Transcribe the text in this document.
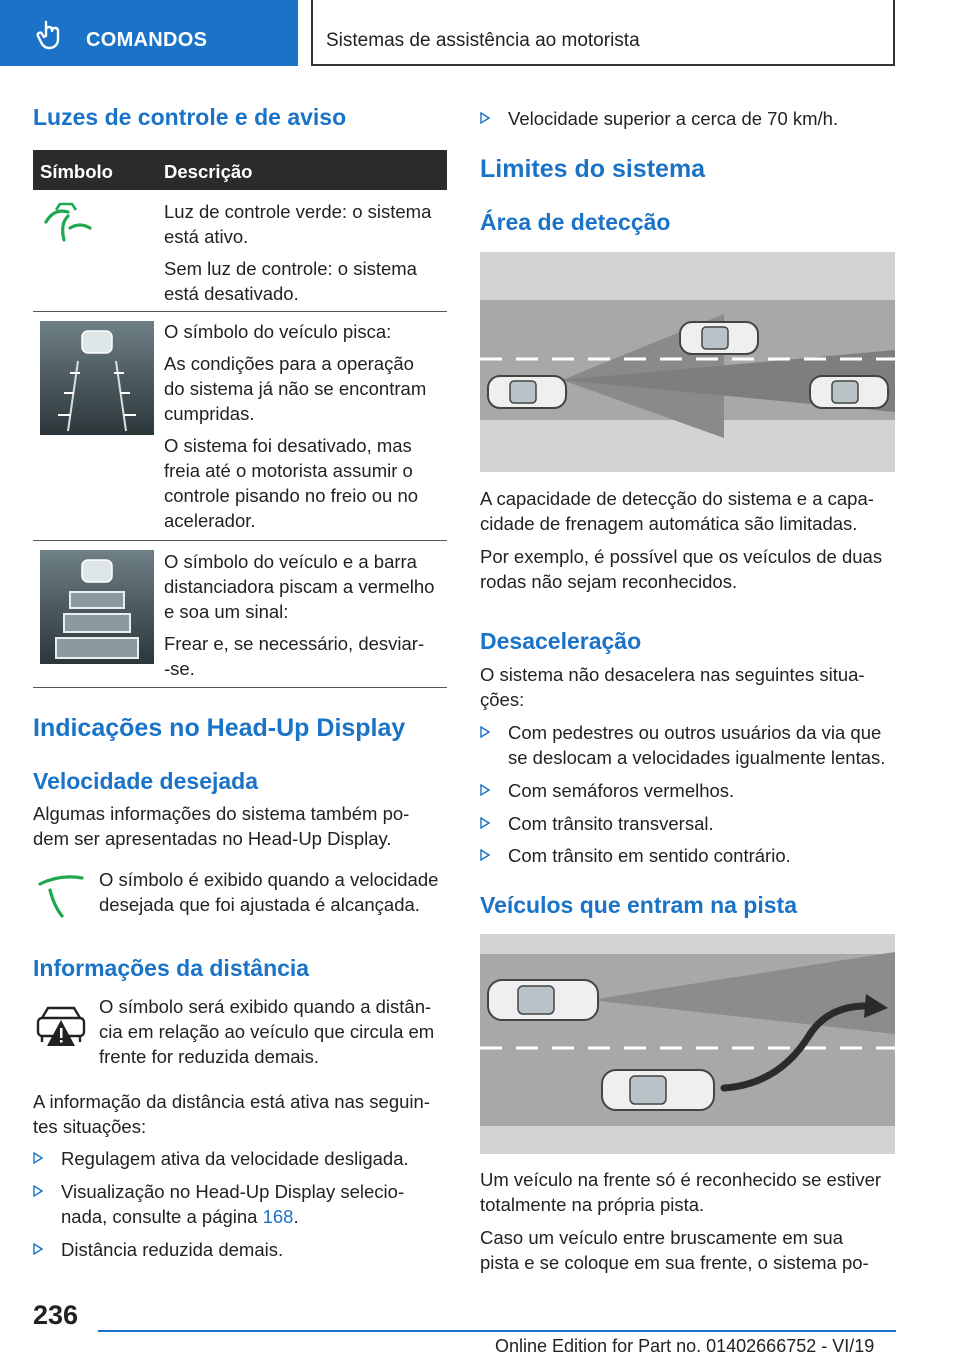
COMANDOS	Sistemas de assistência ao motorista
Luzes de controle e de aviso
Símbolo	Descrição
Luz de controle verde: o sistema
está ativo.
Sem luz de controle: o sistema
está desativado.
O símbolo do veículo pisca:
As condições para a operação
do sistema já não se encontram
cumpridas.
O sistema foi desativado, mas
freia até o motorista assumir o
controle pisando no freio ou no
acelerador.
O símbolo do veículo e a barra
distanciadora piscam a vermelho
e soa um sinal:
Frear e, se necessário, desviar-
-se.
Indicações no Head-Up Display
Velocidade desejada
Algumas informações do sistema também po-
dem ser apresentadas no Head-Up Display.
O símbolo é exibido quando a velocidade
desejada que foi ajustada é alcançada.
Informações da distância
O símbolo será exibido quando a distân-
cia em relação ao veículo que circula em
frente for reduzida demais.
A informação da distância está ativa nas seguin-
tes situações:
Regulagem ativa da velocidade desligada.
Visualização no Head-Up Display selecio-
nada, consulte a página 168.
Distância reduzida demais.
Velocidade superior a cerca de 70 km/h.
Limites do sistema
Área de detecção
A capacidade de detecção do sistema e a capa-
cidade de frenagem automática são limitadas.
Por exemplo, é possível que os veículos de duas
rodas não sejam reconhecidos.
Desaceleração
O sistema não desacelera nas seguintes situa-
ções:
Com pedestres ou outros usuários da via que
se deslocam a velocidades igualmente lentas.
Com semáforos vermelhos.
Com trânsito transversal.
Com trânsito em sentido contrário.
Veículos que entram na pista
Um veículo na frente só é reconhecido se estiver
totalmente na própria pista.
Caso um veículo entre bruscamente em sua
pista e se coloque em sua frente, o sistema po-
236
Online Edition for Part no. 01402666752 - VI/19
